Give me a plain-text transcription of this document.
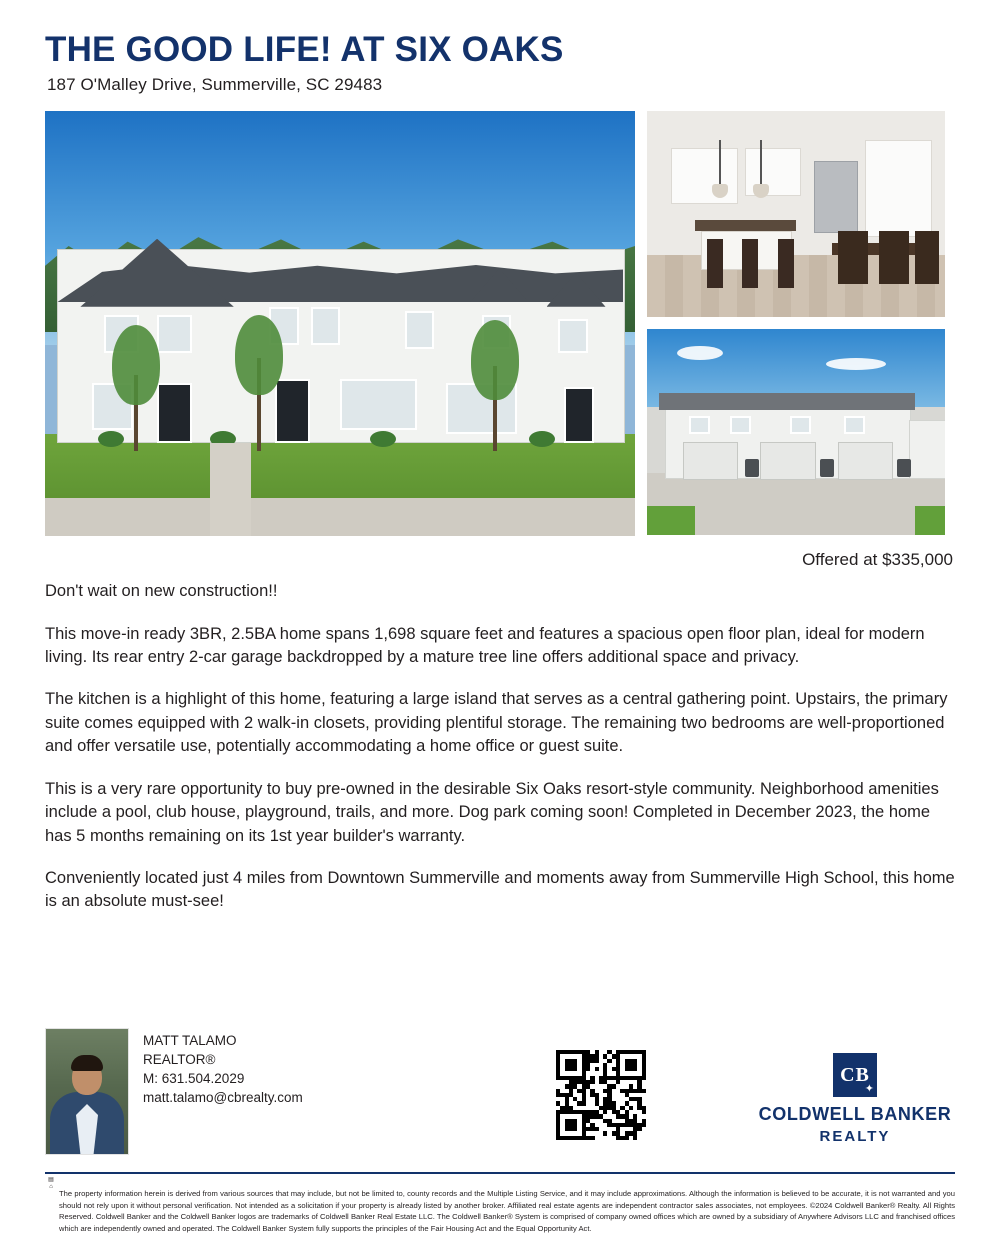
THE GOOD LIFE! AT SIX OAKS
187 O'Malley Drive, Summerville, SC 29483
Offered at $335,000

Don't wait on new construction!!

This move-in ready 3BR, 2.5BA home spans 1,698 square feet and features a spacious open floor plan, ideal for modern living. Its rear entry 2-car garage backdropped by a mature tree line offers additional space and privacy.

The kitchen is a highlight of this home, featuring a large island that serves as a central gathering point. Upstairs, the primary suite comes equipped with 2 walk-in closets, providing plentiful storage. The remaining two bedrooms are well-proportioned and offer versatile use, potentially accommodating a home office or guest suite.

This is a very rare opportunity to buy pre-owned in the desirable Six Oaks resort-style community. Neighborhood amenities include a pool, club house, playground, trails, and more. Dog park coming soon! Completed in December 2023, the home has 5 months remaining on its 1st year builder's warranty.

Conveniently located just 4 miles from Downtown Summerville and moments away from Summerville High School, this home is an absolute must-see!

MATT TALAMO
REALTOR®
M: 631.504.2029
matt.talamo@cbrealty.com
CB
✦
COLDWELL BANKER
REALTY
▤
⌂
The property information herein is derived from various sources that may include, but not be limited to, county records and the Multiple Listing Service, and it may include approximations. Although the information is believed to be accurate, it is not warranted and you should not rely upon it without personal verification. Not intended as a solicitation if your property is already listed by another broker. Affiliated real estate agents are independent contractor sales associates, not employees. ©2024 Coldwell Banker® Realty. All Rights Reserved. Coldwell Banker and the Coldwell Banker logos are trademarks of Coldwell Banker Real Estate LLC. The Coldwell Banker® System is comprised of company owned offices which are owned by a subsidiary of Anywhere Advisors LLC and franchised offices which are independently owned and operated. The Coldwell Banker System fully supports the principles of the Fair Housing Act and the Equal Opportunity Act.
